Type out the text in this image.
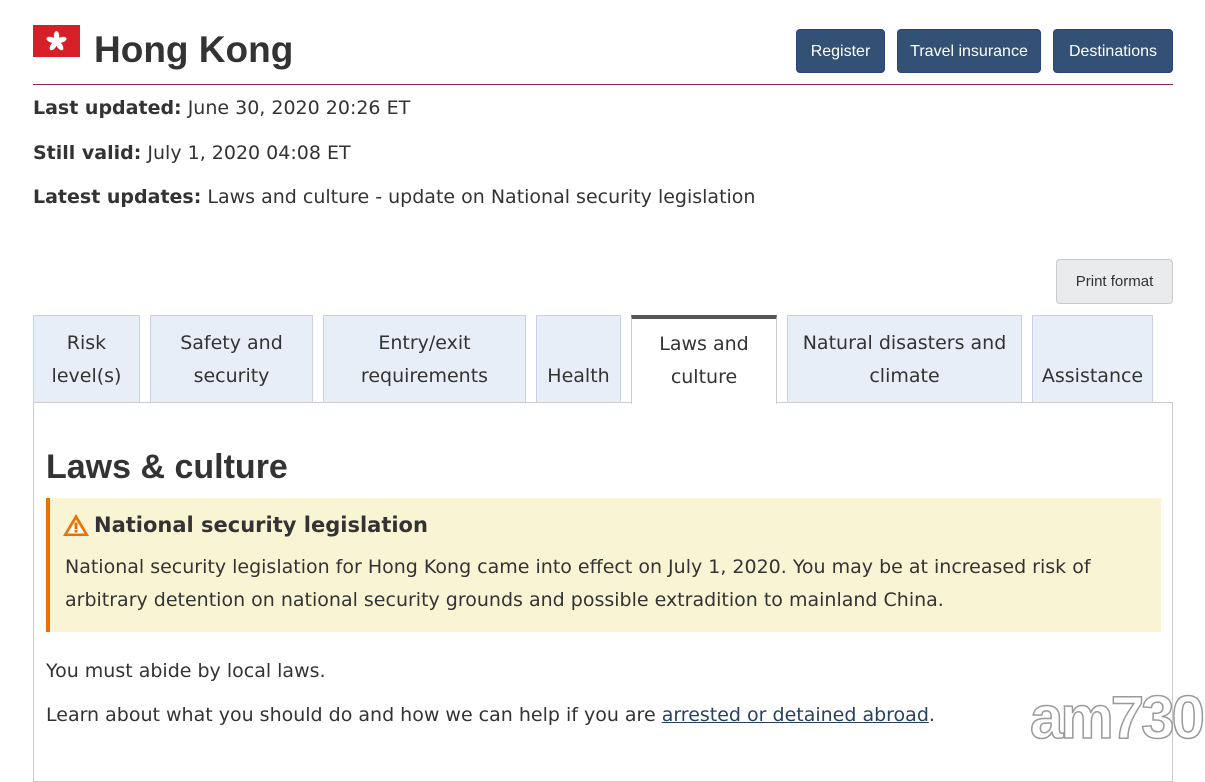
Hong Kong	Register	Travel insurance	Destinations
Last updated: June 30, 2020 20:26 ET
Still valid: July 1, 2020 04:08 ET
Latest updates: Laws and culture - update on National security legislation
Print format
Risk
level(s)
Safety and
security
Entry/exit
requirements	Health
Laws and
culture
Natural disasters and
climate	Assistance
Laws & culture
National security legislation

National security legislation for Hong Kong came into effect on July 1, 2020. You may be at increased risk of arbitrary detention on national security grounds and possible extradition to mainland China.

You must abide by local laws.

Learn about what you should do and how we can help if you are arrested or detained abroad. am730
